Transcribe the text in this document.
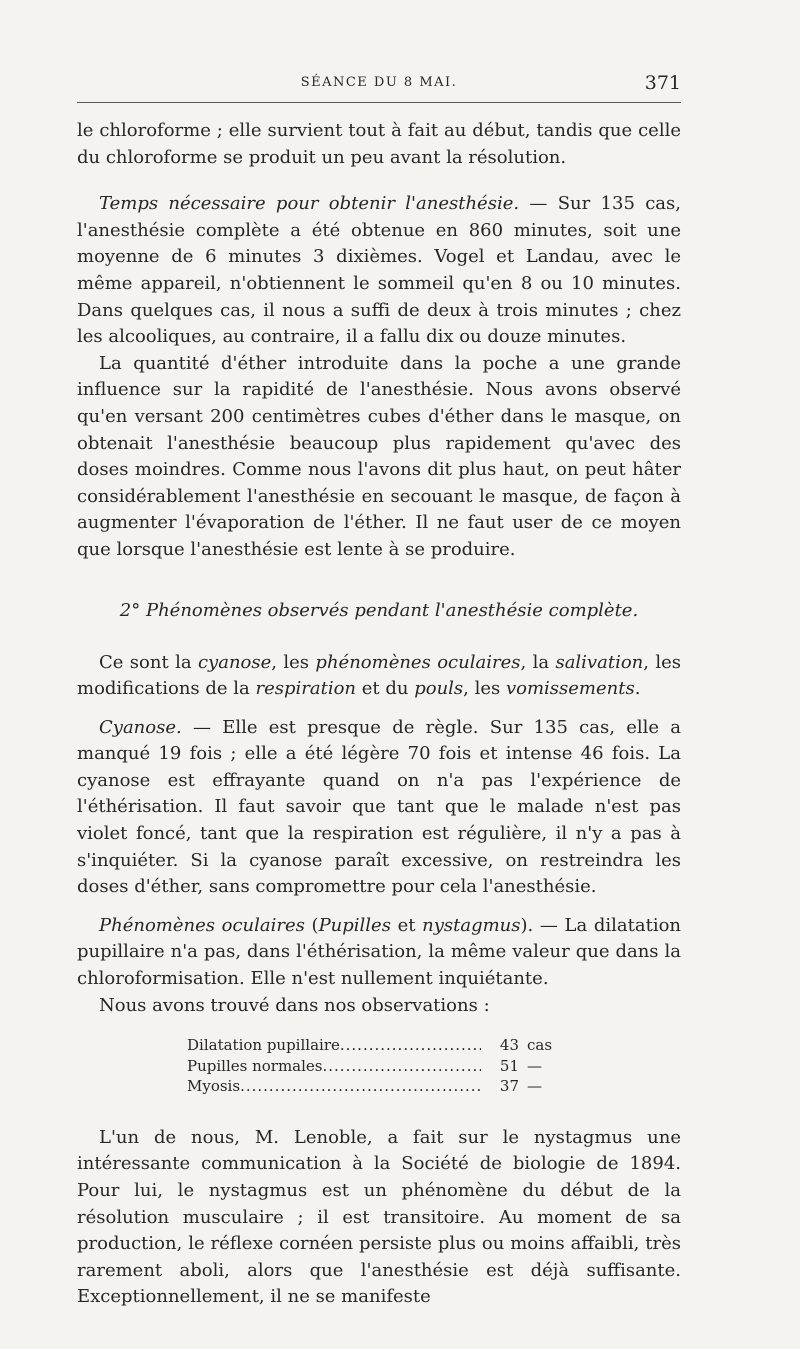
SÉANCE DU 8 MAI.	371

le chloroforme ; elle survient tout à fait au début, tandis que celle du chloroforme se produit un peu avant la résolution.

Temps nécessaire pour obtenir l'anesthésie. — Sur 135 cas, l'anesthésie complète a été obtenue en 860 minutes, soit une moyenne de 6 minutes 3 dixièmes. Vogel et Landau, avec le même appareil, n'obtiennent le sommeil qu'en 8 ou 10 minutes. Dans quelques cas, il nous a suffi de deux à trois minutes ; chez les alcooliques, au contraire, il a fallu dix ou douze minutes.

La quantité d'éther introduite dans la poche a une grande influence sur la rapidité de l'anesthésie. Nous avons observé qu'en versant 200 centimètres cubes d'éther dans le masque, on obtenait l'anesthésie beaucoup plus rapidement qu'avec des doses moindres. Comme nous l'avons dit plus haut, on peut hâter considérablement l'anesthésie en secouant le masque, de façon à augmenter l'évaporation de l'éther. Il ne faut user de ce moyen que lorsque l'anesthésie est lente à se produire.

2° Phénomènes observés pendant l'anesthésie complète.

Ce sont la cyanose, les phénomènes oculaires, la salivation, les modifications de la respiration et du pouls, les vomissements.

Cyanose. — Elle est presque de règle. Sur 135 cas, elle a manqué 19 fois ; elle a été légère 70 fois et intense 46 fois. La cyanose est effrayante quand on n'a pas l'expérience de l'éthérisation. Il faut savoir que tant que le malade n'est pas violet foncé, tant que la respiration est régulière, il n'y a pas à s'inquiéter. Si la cyanose paraît excessive, on restreindra les doses d'éther, sans compromettre pour cela l'anesthésie.

Phénomènes oculaires (Pupilles et nystagmus). — La dilatation pupillaire n'a pas, dans l'éthérisation, la même valeur que dans la chloroformisation. Elle n'est nullement inquiétante.

Nous avons trouvé dans nos observations :

Dilatation pupillaire .....	43 cas
Pupilles normales .....	51 —
Myosis .....	37 —

L'un de nous, M. Lenoble, a fait sur le nystagmus une intéressante communication à la Société de biologie de 1894. Pour lui, le nystagmus est un phénomène du début de la résolution musculaire ; il est transitoire. Au moment de sa production, le réflexe cornéen persiste plus ou moins affaibli, très rarement aboli, alors que l'anesthésie est déjà suffisante. Exceptionnellement, il ne se manifeste
